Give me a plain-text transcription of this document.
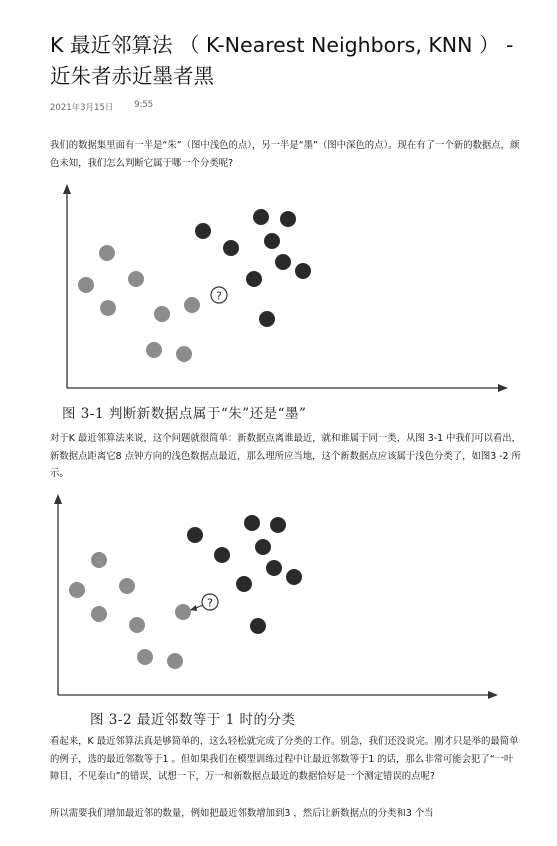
K 最近邻算法 （ K-Nearest Neighbors, KNN ） - 近朱者赤近墨者黑
2021年3月15日 9:55

我们的数据集里面有一半是“朱”（图中浅色的点），另一半是“墨”（图中深色的点）。现在有了一个新的数据点，颜色未知，我们怎么判断它属于哪一个分类呢?

?
图 3-1 判断新数据点属于“朱”还是“墨”

对于K 最近邻算法来说，这个问题就很简单：新数据点离谁最近，就和谁属于同一类，从图 3-1 中我们可以看出，新数据点距离它8 点钟方向的浅色数据点最近，那么理所应当地，这个新数据点应该属于浅色分类了，如图3 -2 所示。

?
图 3-2 最近邻数等于 1 时的分类

看起来，K 最近邻算法真是够简单的，这么轻松就完成了分类的工作。别急，我们还没说完。刚才只是举的最简单的例子，选的最近邻数等于1 。但如果我们在模型训练过程中让最近邻数等于1 的话，那么非常可能会犯了“一叶障目，不见泰山”的错误，试想一下，万一和新数据点最近的数据恰好是一个测定错误的点呢?

所以需要我们增加最近邻的数量，例如把最近邻数增加到3 ，然后让新数据点的分类和3 个当
